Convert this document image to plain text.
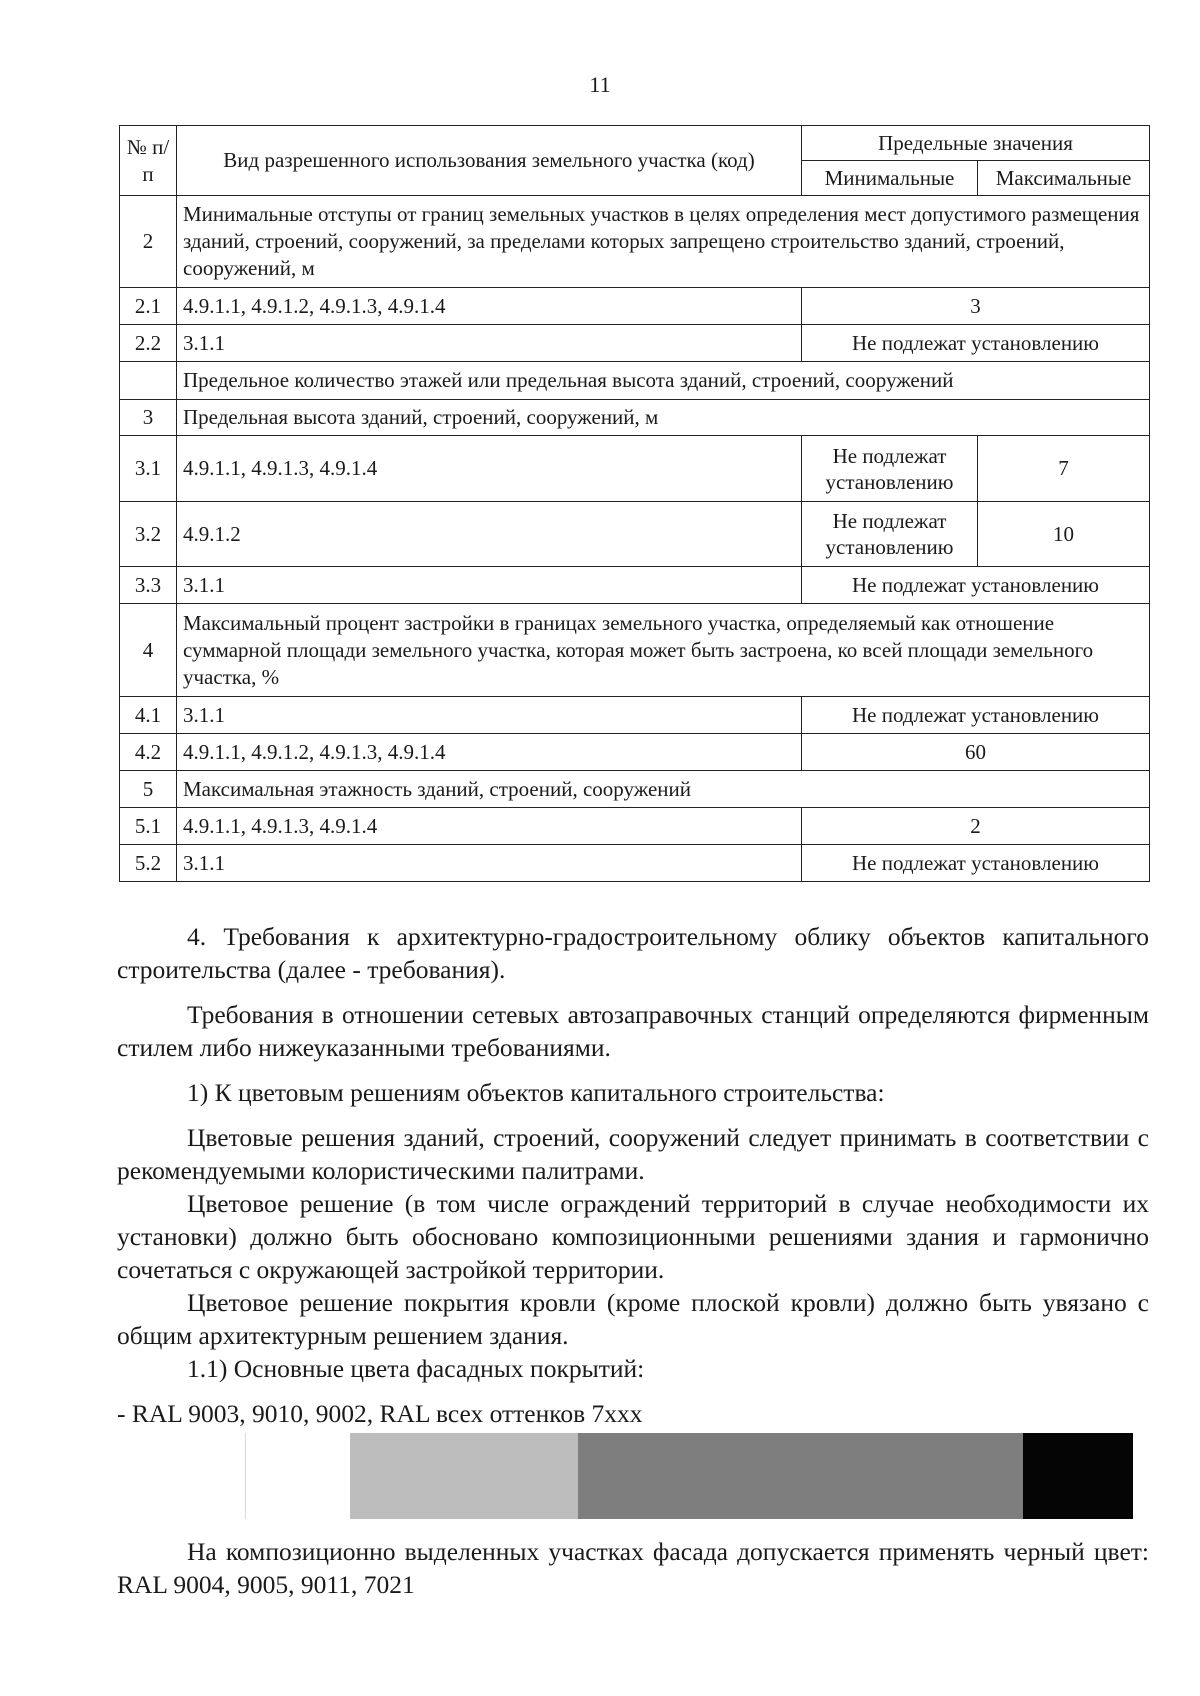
11
№ п/п	Вид разрешенного использования земельного участка (код)	Предельные значения	
		Минимальные	Максимальные
2	Минимальные отступы от границ земельных участков в целях определения мест допустимого размещения зданий, строений, сооружений, за пределами которых запрещено строительство зданий, строений, сооружений, м		
2.1	4.9.1.1, 4.9.1.2, 4.9.1.3, 4.9.1.4	3	
2.2	3.1.1	Не подлежат установлению	
	Предельное количество этажей или предельная высота зданий, строений, сооружений		
3	Предельная высота зданий, строений, сооружений, м		
3.1	4.9.1.1, 4.9.1.3, 4.9.1.4	Не подлежат установлению	7
3.2	4.9.1.2	Не подлежат установлению	10
3.3	3.1.1	Не подлежат установлению	
4	Максимальный процент застройки в границах земельного участка, определяемый как отношение суммарной площади земельного участка, которая может быть застроена, ко всей площади земельного участка, %		
4.1	3.1.1	Не подлежат установлению	
4.2	4.9.1.1, 4.9.1.2, 4.9.1.3, 4.9.1.4	60	
5	Максимальная этажность зданий, строений, сооружений		
5.1	4.9.1.1, 4.9.1.3, 4.9.1.4	2	
5.2	3.1.1	Не подлежат установлению	

4. Требования к архитектурно-градостроительному облику объектов капитального строительства (далее - требования).

Требования в отношении сетевых автозаправочных станций определяются фирменным стилем либо нижеуказанными требованиями.

1) К цветовым решениям объектов капитального строительства:

Цветовые решения зданий, строений, сооружений следует принимать в соответствии с рекомендуемыми колористическими палитрами.

Цветовое решение (в том числе ограждений территорий в случае необходимости их установки) должно быть обосновано композиционными решениями здания и гармонично сочетаться с окружающей застройкой территории.

Цветовое решение покрытия кровли (кроме плоской кровли) должно быть увязано с общим архитектурным решением здания.

1.1) Основные цвета фасадных покрытий:

- RAL 9003, 9010, 9002, RAL всех оттенков 7xxx

На композиционно выделенных участках фасада допускается применять черный цвет: RAL 9004, 9005, 9011, 7021
